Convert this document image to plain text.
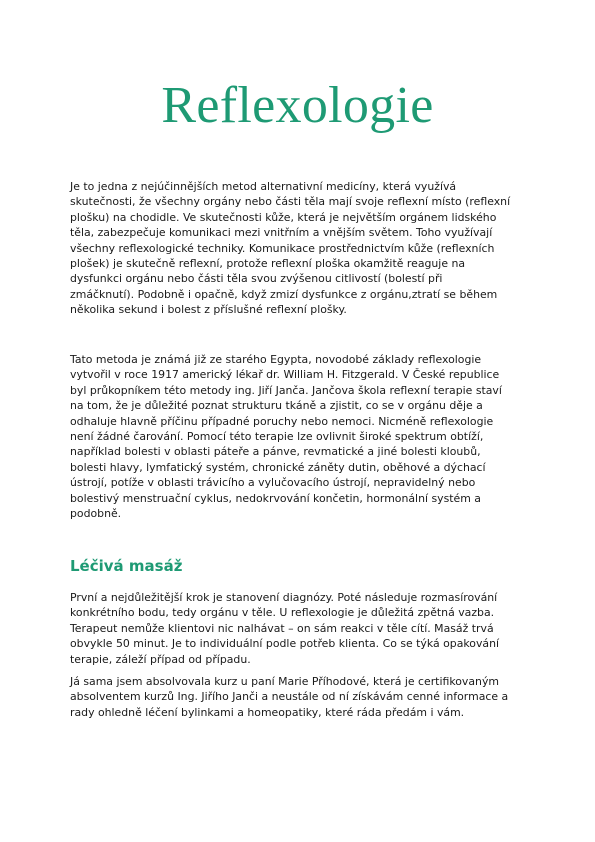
Reflexologie
Je to jedna z nejúčinnějších metod alternativní medicíny, která využívá
skutečnosti, že všechny orgány nebo části těla mají svoje reflexní místo (reflexní
plošku) na chodidle. Ve skutečnosti kůže, která je největším orgánem lidského
těla, zabezpečuje komunikaci mezi vnitřním a vnějším světem. Toho využívají
všechny reflexologické techniky. Komunikace prostřednictvím kůže (reflexních
plošek) je skutečně reflexní, protože reflexní ploška okamžitě reaguje na
dysfunkci orgánu nebo části těla svou zvýšenou citlivostí (bolestí při
zmáčknutí). Podobně i opačně, když zmizí dysfunkce z orgánu,ztratí se během
několika sekund i bolest z příslušné reflexní plošky.
Tato metoda je známá již ze starého Egypta, novodobé základy reflexologie
vytvořil v roce 1917 americký lékař dr. William H. Fitzgerald. V České republice
byl průkopníkem této metody ing. Jiří Janča. Jančova škola reflexní terapie staví
na tom, že je důležité poznat strukturu tkáně a zjistit, co se v orgánu děje a
odhaluje hlavně příčinu případné poruchy nebo nemoci. Nicméně reflexologie
není žádné čarování. Pomocí této terapie lze ovlivnit široké spektrum obtíží,
například bolesti v oblasti páteře a pánve, revmatické a jiné bolesti kloubů,
bolesti hlavy, lymfatický systém, chronické záněty dutin, oběhové a dýchací
ústrojí, potíže v oblasti trávicího a vylučovacího ústrojí, nepravidelný nebo
bolestivý menstruační cyklus, nedokrvování končetin, hormonální systém a
podobně.
Léčivá masáž
První a nejdůležitější krok je stanovení diagnózy. Poté následuje rozmasírování
konkrétního bodu, tedy orgánu v těle. U reflexologie je důležitá zpětná vazba.
Terapeut nemůže klientovi nic nalhávat – on sám reakci v těle cítí. Masáž trvá
obvykle 50 minut. Je to individuální podle potřeb klienta. Co se týká opakování
terapie, záleží případ od případu.
Já sama jsem absolvovala kurz u paní Marie Příhodové, která je certifikovaným
absolventem kurzů Ing. Jiřího Janči a neustále od ní získávám cenné informace a
rady ohledně léčení bylinkami a homeopatiky, které ráda předám i vám.
